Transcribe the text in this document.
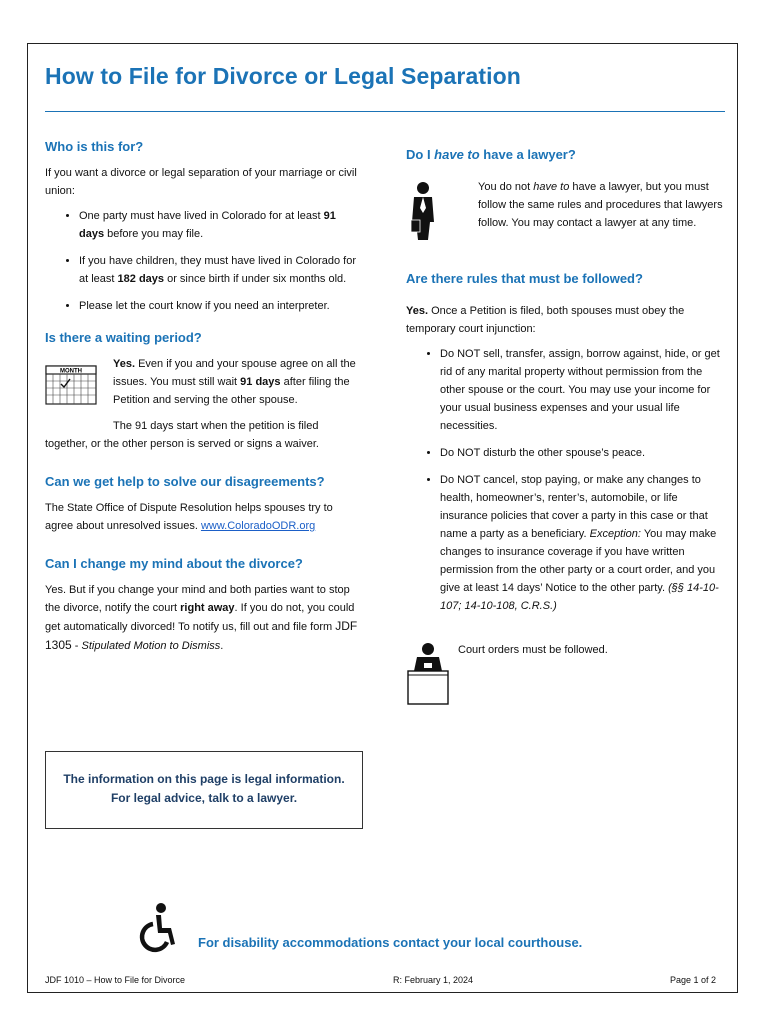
How to File for Divorce or Legal Separation
Who is this for?

If you want a divorce or legal separation of your marriage or civil union:

• One party must have lived in Colorado for at least 91 days before you may file.
• If you have children, they must have lived in Colorado for at least 182 days or since birth if under six months old.
• Please let the court know if you need an interpreter.
Is there a waiting period?
MONTH

Yes. Even if you and your spouse agree on all the issues. You must still wait 91 days after filing the Petition and serving the other spouse.

The 91 days start when the petition is filed together, or the other person is served or signs a waiver.

Can we get help to solve our disagreements?

The State Office of Dispute Resolution helps spouses try to agree about unresolved issues. www.ColoradoODR.org

Can I change my mind about the divorce?

Yes. But if you change your mind and both parties want to stop the divorce, notify the court right away. If you do not, you could get automatically divorced! To notify us, fill out and file form JDF 1305 - Stipulated Motion to Dismiss.

Do I have to have a lawyer?

You do not have to have a lawyer, but you must follow the same rules and procedures that lawyers follow. You may contact a lawyer at any time.

Are there rules that must be followed?

Yes. Once a Petition is filed, both spouses must obey the temporary court injunction:

• Do NOT sell, transfer, assign, borrow against, hide, or get rid of any marital property without permission from the other spouse or the court. You may use your income for your usual business expenses and your usual life necessities.
• Do NOT disturb the other spouse’s peace.
• Do NOT cancel, stop paying, or make any changes to health, homeowner’s, renter’s, automobile, or life insurance policies that cover a party in this case or that name a party as a beneficiary. Exception: You may make changes to insurance coverage if you have written permission from the other party or a court order, and you give at least 14 days’ Notice to the other party. (§§ 14-10-107; 14-10-108, C.R.S.)

Court orders must be followed.

The information on this page is legal information.
For legal advice, talk to a lawyer.
For disability accommodations contact your local courthouse.
JDF 1010 – How to File for Divorce	R: February 1, 2024	Page 1 of 2
